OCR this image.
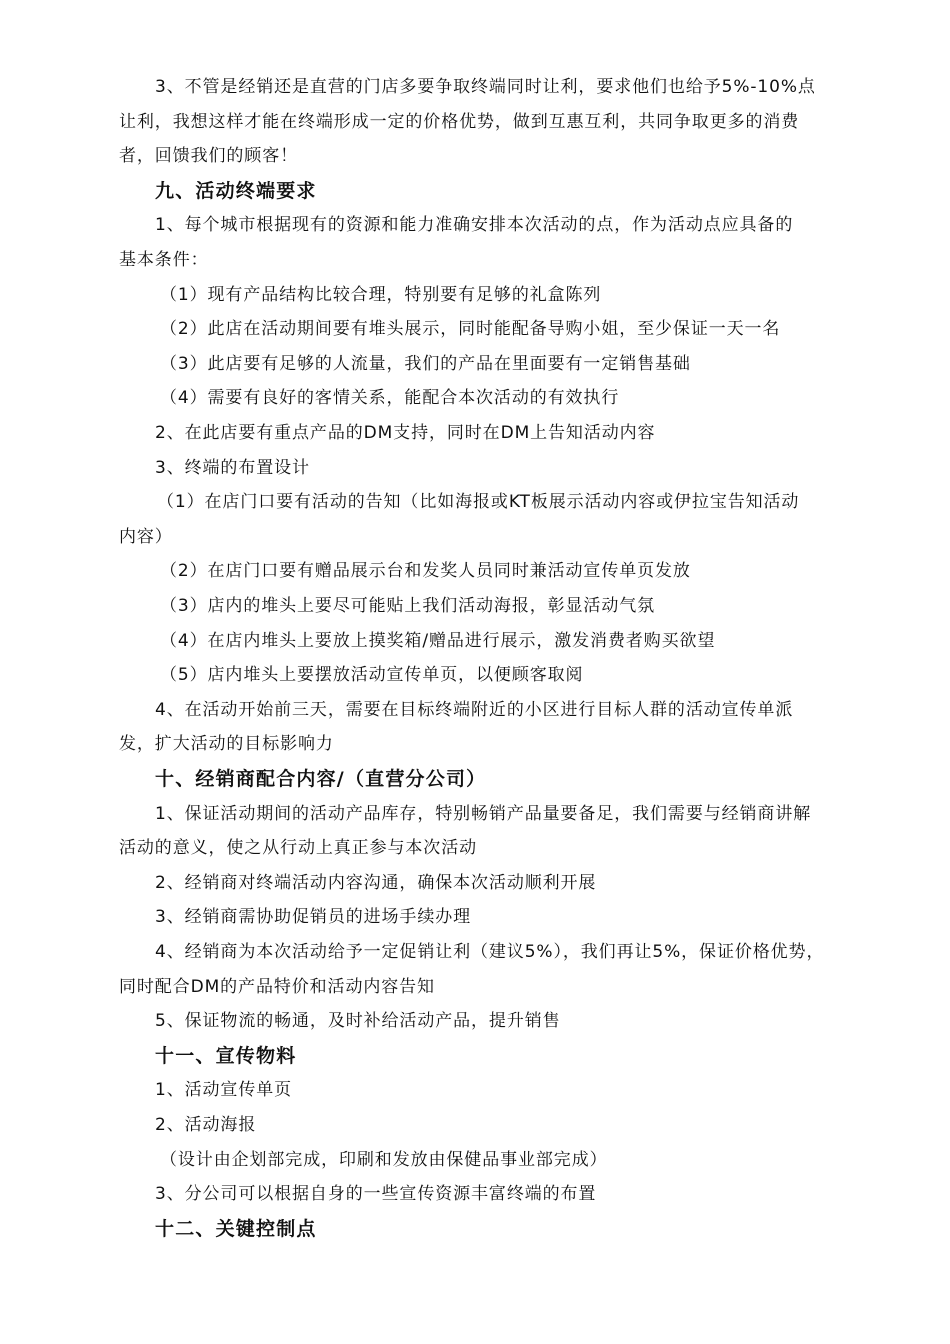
3、不管是经销还是直营的门店多要争取终端同时让利，要求他们也给予5%-10%点
让利，我想这样才能在终端形成一定的价格优势，做到互惠互利，共同争取更多的消费
者，回馈我们的顾客！
九、活动终端要求
1、每个城市根据现有的资源和能力准确安排本次活动的点，作为活动点应具备的
基本条件：
（1）现有产品结构比较合理，特别要有足够的礼盒陈列
（2）此店在活动期间要有堆头展示，同时能配备导购小姐，至少保证一天一名
（3）此店要有足够的人流量，我们的产品在里面要有一定销售基础
（4）需要有良好的客情关系，能配合本次活动的有效执行
2、在此店要有重点产品的DM支持，同时在DM上告知活动内容
3、终端的布置设计
（1）在店门口要有活动的告知（比如海报或KT板展示活动内容或伊拉宝告知活动
内容）
（2）在店门口要有赠品展示台和发奖人员同时兼活动宣传单页发放
（3）店内的堆头上要尽可能贴上我们活动海报，彰显活动气氛
（4）在店内堆头上要放上摸奖箱/赠品进行展示，激发消费者购买欲望
（5）店内堆头上要摆放活动宣传单页，以便顾客取阅
4、在活动开始前三天，需要在目标终端附近的小区进行目标人群的活动宣传单派
发，扩大活动的目标影响力
十、经销商配合内容/（直营分公司）
1、保证活动期间的活动产品库存，特别畅销产品量要备足，我们需要与经销商讲解
活动的意义，使之从行动上真正参与本次活动
2、经销商对终端活动内容沟通，确保本次活动顺利开展
3、经销商需协助促销员的进场手续办理
4、经销商为本次活动给予一定促销让利（建议5%），我们再让5%，保证价格优势，
同时配合DM的产品特价和活动内容告知
5、保证物流的畅通，及时补给活动产品，提升销售
十一、宣传物料
1、活动宣传单页
2、活动海报
（设计由企划部完成，印刷和发放由保健品事业部完成）
3、分公司可以根据自身的一些宣传资源丰富终端的布置
十二、关键控制点
